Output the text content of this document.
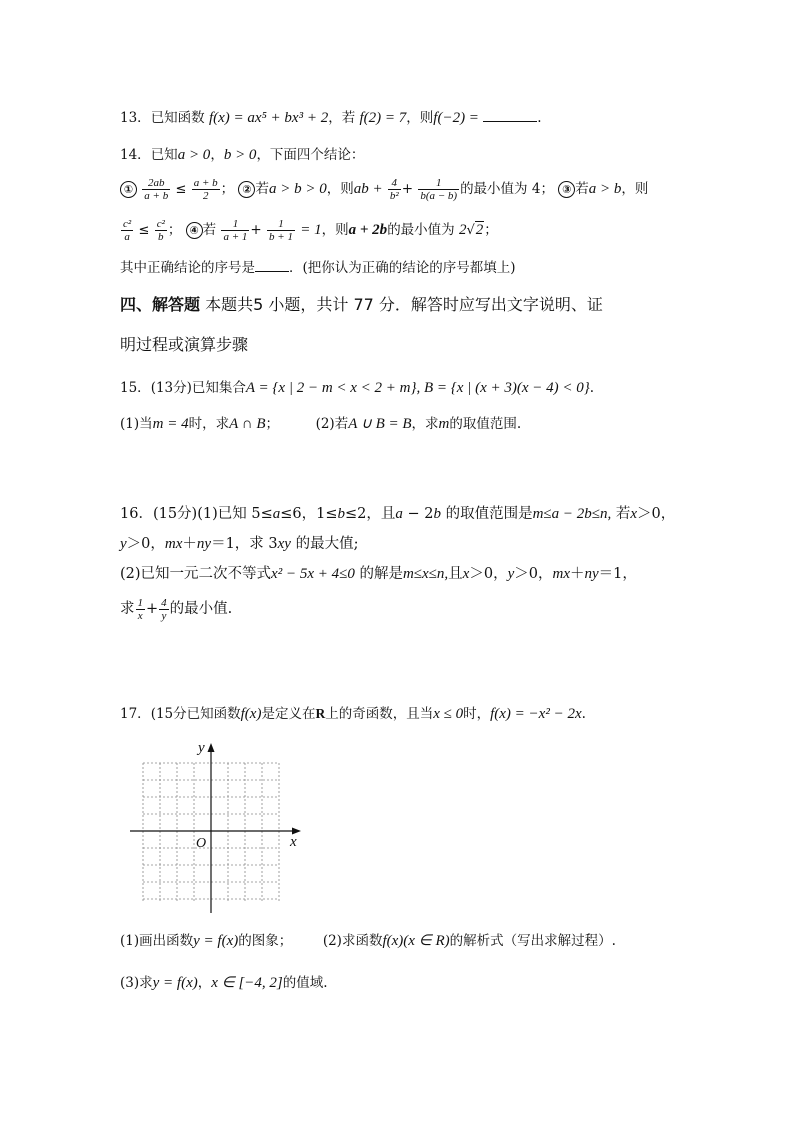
13．已知函数 f(x) = ax⁵ + bx³ + 2，若 f(2) = 7，则f(−2) =	.
14．已知a > 0，b > 0，下面四个结论：
① $\frac{2ab}{a + b} \le \frac{a + b}{2}$ ； ② 若a > b > 0，则ab + $\frac{4}{\text{b²}} + \frac{1}{b(a - b)}$ 的最小值为 4； ③ 若a > b，则
$\frac{\text{c²}}{a} \le \frac{\text{c²}}{b}$ ； ④ 若 $\frac{1}{a + 1} + \frac{1}{b + 1} = 1$，则a + 2b的最小值为 2√2；
其中正确结论的序号是	．(把你认为正确的结论的序号都填上)
四、解答题 本题共5 小题，共计 77 分．解答时应写出文字说明、证
明过程或演算步骤
15．(13分)已知集合A = {x | 2 − m < x < 2 + m}, B = {x | (x + 3)(x − 4) < 0}.
(1)当m = 4时，求A ∩ B；	(2)若A ∪ B = B，求m的取值范围.
16．(15分)(1)已知 5≤a≤6，1≤b≤2，且a − 2b 的取值范围是m≤a − 2b≤n, 若x＞0，
y＞0，mx＋ny＝1，求 3xy 的最大值;
(2)已知一元二次不等式x² − 5x + 4≤0 的解是m≤x≤n,且x＞0，y＞0，mx＋ny＝1，
求 $\frac{1}{x} + \frac{4}{y}$ 的最小值.
17．(15分已知函数f(x)是定义在R上的奇函数，且当x ≤ 0时，f(x) = −x² − 2x.
y
x
O
(1)画出函数y = f(x)的图象； (2)求函数f(x)(x ∈ R)的解析式（写出求解过程）.
(3)求y = f(x)，x ∈ [−4, 2]的值域.
